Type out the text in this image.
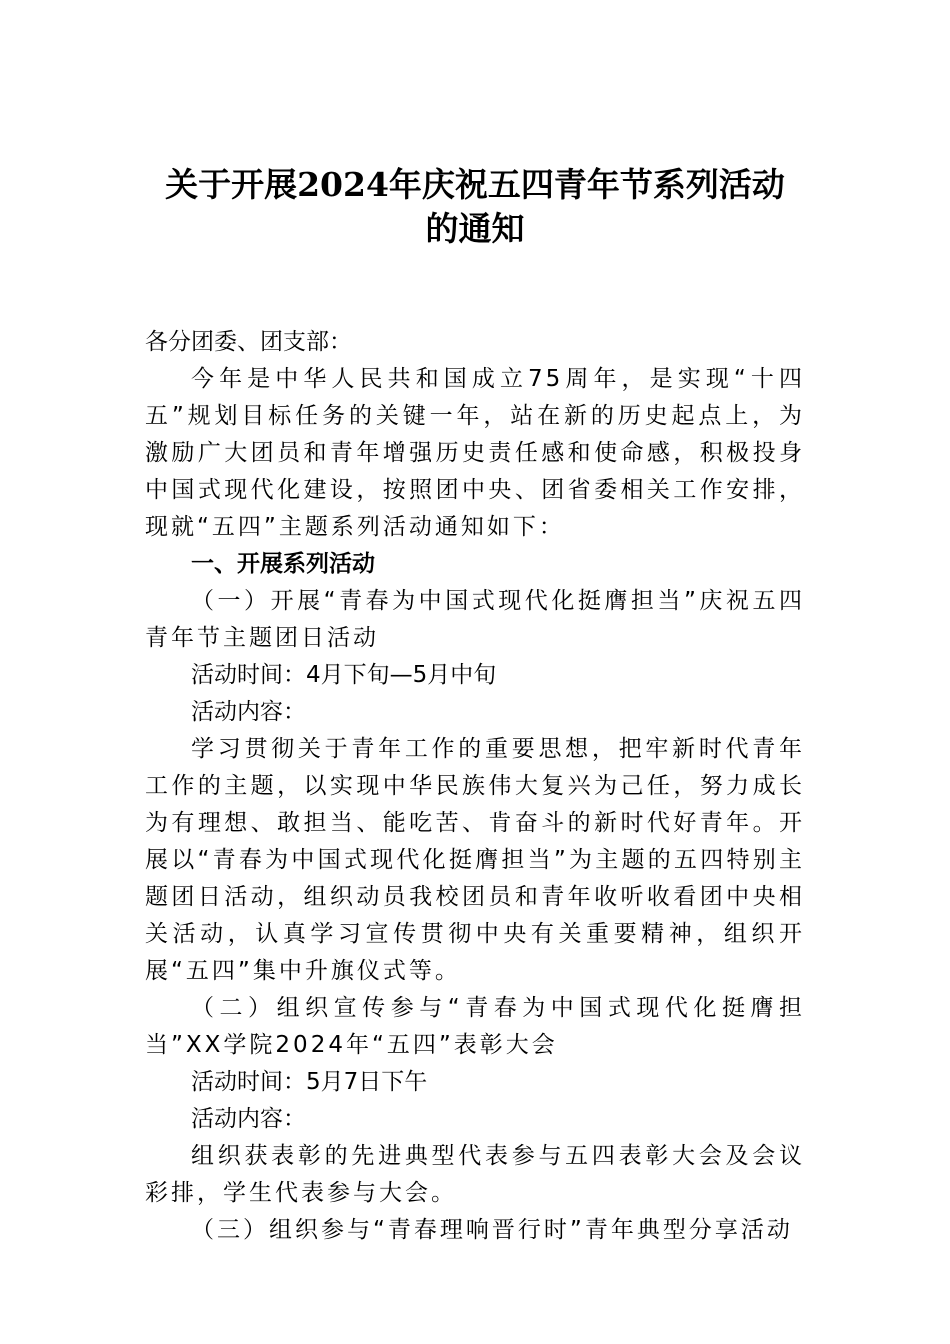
关于开展2024年庆祝五四青年节系列活动
的通知

各分团委、团支部：

今年是中华人民共和国成立75周年，是实现“十四五”规划目标任务的关键一年，站在新的历史起点上，为激励广大团员和青年增强历史责任感和使命感，积极投身中国式现代化建设，按照团中央、团省委相关工作安排，现就“五四”主题系列活动通知如下：

一、开展系列活动

（一）开展“青春为中国式现代化挺膺担当”庆祝五四青年节主题团日活动

活动时间：4月下旬—5月中旬

活动内容：

学习贯彻关于青年工作的重要思想，把牢新时代青年工作的主题，以实现中华民族伟大复兴为己任，努力成长为有理想、敢担当、能吃苦、肯奋斗的新时代好青年。开展以“青春为中国式现代化挺膺担当”为主题的五四特别主题团日活动，组织动员我校团员和青年收听收看团中央相关活动，认真学习宣传贯彻中央有关重要精神，组织开展“五四”集中升旗仪式等。

（二）组织宣传参与“青春为中国式现代化挺膺担当”XX学院2024年“五四”表彰大会

活动时间：5月7日下午

活动内容：

组织获表彰的先进典型代表参与五四表彰大会及会议彩排，学生代表参与大会。

（三）组织参与“青春理响晋行时”青年典型分享活动
